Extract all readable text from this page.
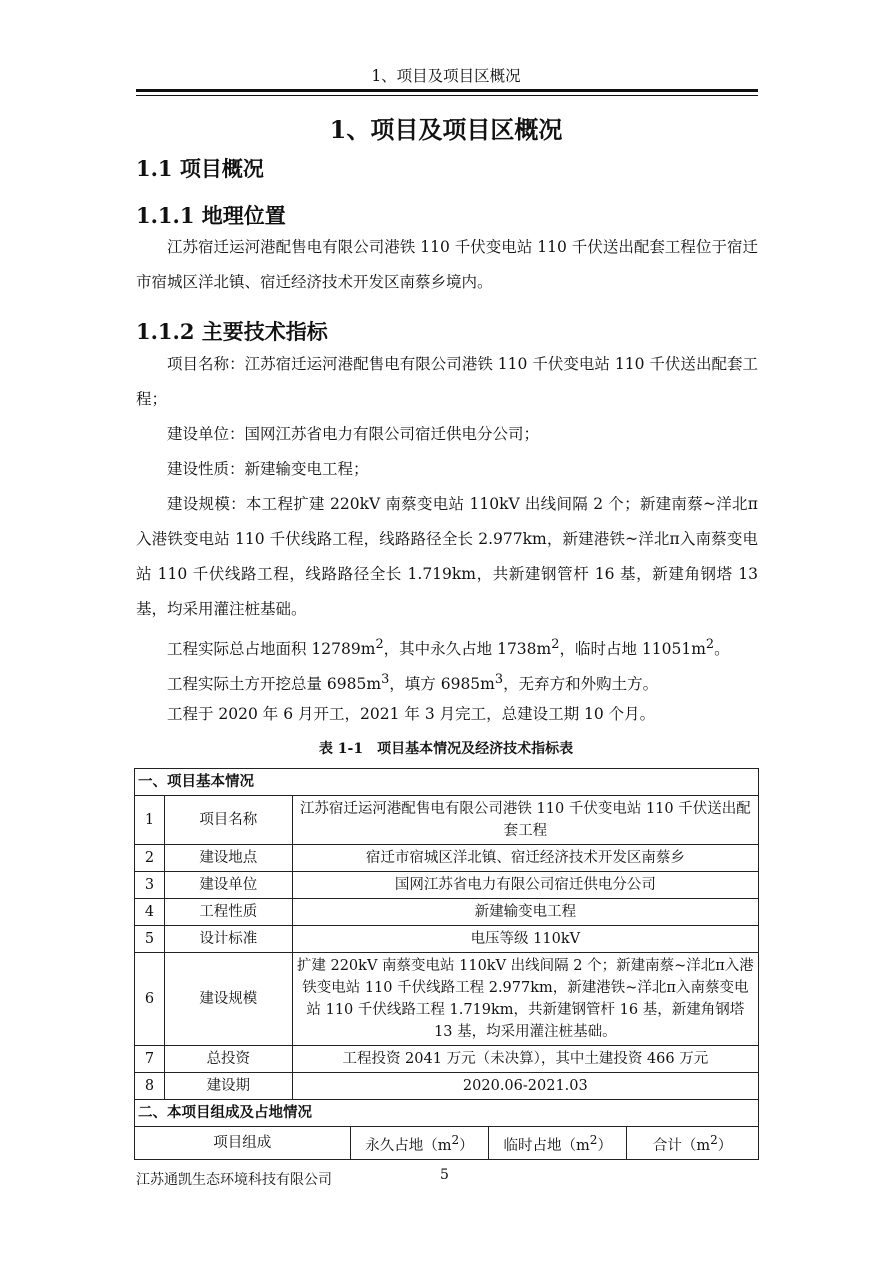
1、项目及项目区概况
1、项目及项目区概况
1.1 项目概况
1.1.1 地理位置

江苏宿迁运河港配售电有限公司港铁 110 千伏变电站 110 千伏送出配套工程位于宿迁市宿城区洋北镇、宿迁经济技术开发区南蔡乡境内。

1.1.2 主要技术指标

项目名称：江苏宿迁运河港配售电有限公司港铁 110 千伏变电站 110 千伏送出配套工程；

建设单位：国网江苏省电力有限公司宿迁供电分公司；

建设性质：新建输变电工程；

建设规模：本工程扩建 220kV 南蔡变电站 110kV 出线间隔 2 个；新建南蔡~洋北π入港铁变电站 110 千伏线路工程，线路路径全长 2.977km，新建港铁~洋北π入南蔡变电站 110 千伏线路工程，线路路径全长 1.719km，共新建钢管杆 16 基，新建角钢塔 13 基，均采用灌注桩基础。

工程实际总占地面积 $12789m^2$，其中永久占地 $1738m^2$，临时占地 $11051m^2$。

工程实际土方开挖总量 $6985m^3$，填方 $6985m^3$，无弃方和外购土方。

工程于 2020 年 6 月开工，2021 年 3 月完工，总建设工期 10 个月。

表 1-1　项目基本情况及经济技术指标表
一、项目基本情况					
1	项目名称	江苏宿迁运河港配售电有限公司港铁 110 千伏变电站 110 千伏送出配套工程			
2	建设地点	宿迁市宿城区洋北镇、宿迁经济技术开发区南蔡乡			
3	建设单位	国网江苏省电力有限公司宿迁供电分公司			
4	工程性质	新建输变电工程			
5	设计标准	电压等级 110kV			
6	建设规模	扩建 220kV 南蔡变电站 110kV 出线间隔 2 个；新建南蔡~洋北π入港铁变电站 110 千伏线路工程 2.977km，新建港铁~洋北π入南蔡变电站 110 千伏线路工程 1.719km，共新建钢管杆 16 基，新建角钢塔 13 基，均采用灌注桩基础。			
7	总投资	工程投资 2041 万元（未决算），其中土建投资 466 万元			
8	建设期	2020.06-2021.03			
二、本项目组成及占地情况					
项目组成			永久占地$(m^2)$	临时占地$(m^2)$	合计$(m^2)$
江苏通凯生态环境科技有限公司	5
